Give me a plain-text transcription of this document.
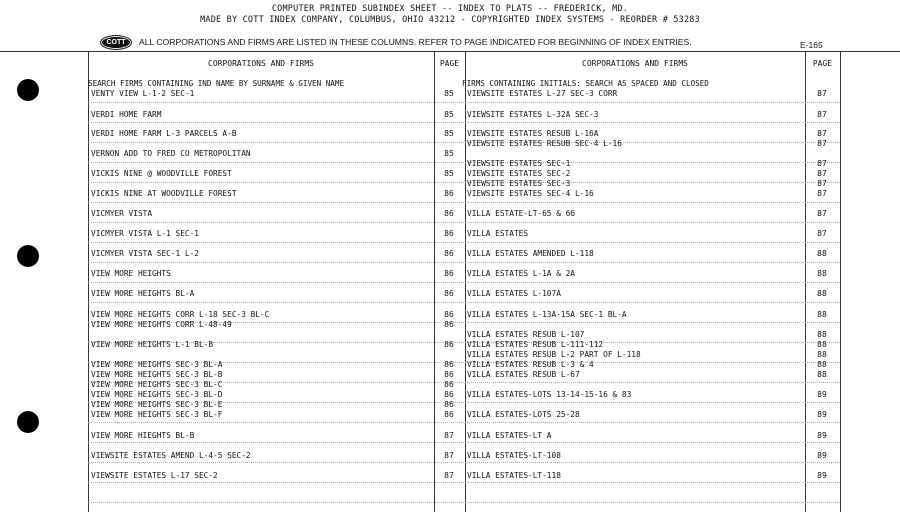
COMPUTER PRINTED SUBINDEX SHEET -- INDEX TO PLATS -- FREDERICK, MD.
MADE BY COTT INDEX COMPANY, COLUMBUS, OHIO 43212 - COPYRIGHTED INDEX SYSTEMS - REORDER # 53283
COTT	ALL CORPORATIONS AND FIRMS ARE LISTED IN THESE COLUMNS. REFER TO PAGE INDICATED FOR BEGINNING OF INDEX ENTRIES.	E-165
CORPORATIONS AND FIRMS	PAGE	CORPORATIONS AND FIRMS	PAGE
SEARCH FIRMS CONTAINING IND NAME BY SURNAME & GIVEN NAME	FIRMS CONTAINING INITIALS: SEARCH AS SPACED AND CLOSED
VENTY VIEW L-1-2 SEC-1	85
VERDI HOME FARM	85
VERDI HOME FARM L-3 PARCELS A-B	85
VERNON ADD TO FRED CO METROPOLITAN	85
VICKIS NINE @ WOODVILLE FOREST	85
VICKIS NINE AT WOODVILLE FOREST	86
VICMYER VISTA	86
VICMYER VISTA L-1 SEC-1	86
VICMYER VISTA SEC-1 L-2	86
VIEW MORE HEIGHTS	86
VIEW MORE HEIGHTS BL-A	86
VIEW MORE HEIGHTS CORR L-18 SEC-3 BL-C	86
VIEW MORE HEIGHTS CORR L-48-49	86
VIEW MORE HEIGHTS L-1 BL-B	86
VIEW MORE HEIGHTS SEC-3 BL-A	86
VIEW MORE HEIGHTS SEC-3 BL-B	86
VIEW MORE HEIGHTS SEC-3 BL-C	86
VIEW MORE HEIGHTS SEC-3 BL-D	86
VIEW MORE HEIGHTS SEC-3 BL-E	86
VIEW MORE HEIGHTS SEC-3 BL-F	86
VIEW MORE HIEGHTS BL-B	87
VIEWSITE ESTATES AMEND L-4-5 SEC-2	87
VIEWSITE ESTATES L-17 SEC-2	87
VIEWSITE ESTATES L-27 SEC-3 CORR	87
VIEWSITE ESTATES L-32A SEC-3	87
VIEWSITE ESTATES RESUB L-16A	87
VIEWSITE ESTATES RESUB SEC-4 L-16	87
VIEWSITE ESTATES SEC-1	87
VIEWSITE ESTATES SEC-2	87
VIEWSITE ESTATES SEC-3	87
VIEWSITE ESTATES SEC-4 L-16	87
VILLA ESTATE-LT-65 & 66	87
VILLA ESTATES	87
VILLA ESTATES AMENDED L-118	88
VILLA ESTATES L-1A & 2A	88
VILLA ESTATES L-107A	88
VILLA ESTATES L-13A-15A SEC-1 BL-A	88
VILLA ESTATES RESUB L-107	88
VILLA ESTATES RESUB L-111-112	88
VILLA ESTATES RESUB L-2 PART OF L-118	88
VILLA ESTATES RESUB L-3 & 4	88
VILLA ESTATES RESUB L-67	88
VILLA ESTATES-LOTS 13-14-15-16 & 83	89
VILLA ESTATES-LOTS 25-28	89
VILLA ESTATES-LT A	89
VILLA ESTATES-LT-108	89
VILLA ESTATES-LT-118	89
